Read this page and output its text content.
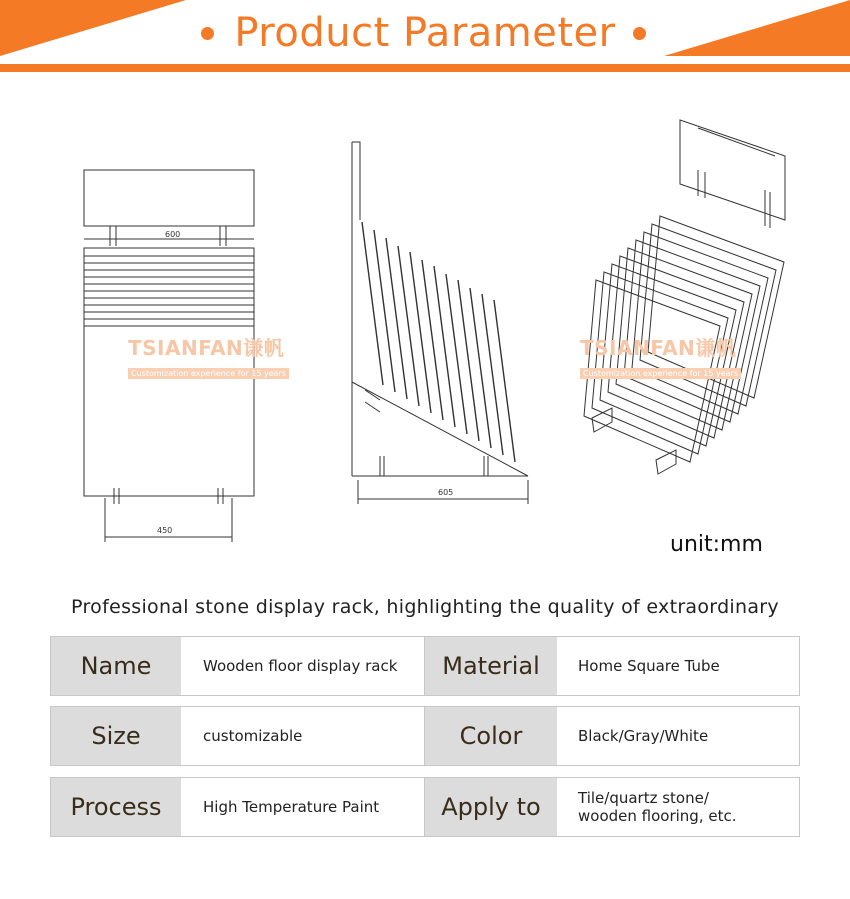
Product Parameter
600
450
605
TSIANFAN谦帆
Customization experience for 15 years
TSIANFAN谦帆
Customization experience for 15 years
unit:mm
Professional stone display rack, highlighting the quality of extraordinary
Name	Wooden floor display rack	Material	Home Square Tube
Size	customizable	Color	Black/Gray/White
Process	High Temperature Paint	Apply to	Tile/quartz stone/
wooden flooring, etc.
